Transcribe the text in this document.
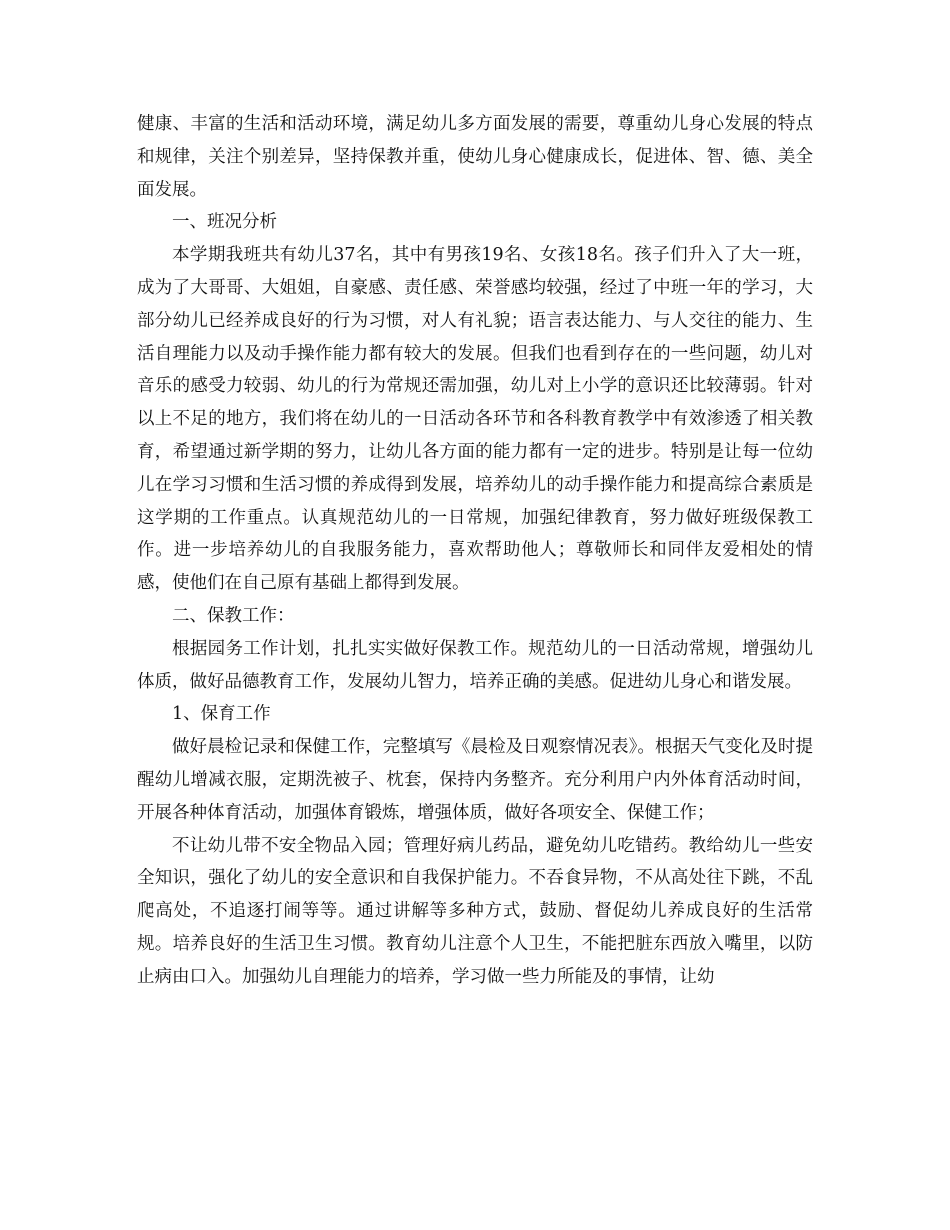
健康、丰富的生活和活动环境，满足幼儿多方面发展的需要，尊重幼儿身心发展的特点和规律，关注个别差异，坚持保教并重，使幼儿身心健康成长，促进体、智、德、美全面发展。

一、班况分析

本学期我班共有幼儿37名，其中有男孩19名、女孩18名。孩子们升入了大一班，成为了大哥哥、大姐姐，自豪感、责任感、荣誉感均较强，经过了中班一年的学习，大部分幼儿已经养成良好的行为习惯，对人有礼貌；语言表达能力、与人交往的能力、生活自理能力以及动手操作能力都有较大的发展。但我们也看到存在的一些问题，幼儿对音乐的感受力较弱、幼儿的行为常规还需加强，幼儿对上小学的意识还比较薄弱。针对以上不足的地方，我们将在幼儿的一日活动各环节和各科教育教学中有效渗透了相关教育，希望通过新学期的努力，让幼儿各方面的能力都有一定的进步。特别是让每一位幼儿在学习习惯和生活习惯的养成得到发展，培养幼儿的动手操作能力和提高综合素质是这学期的工作重点。认真规范幼儿的一日常规，加强纪律教育，努力做好班级保教工作。进一步培养幼儿的自我服务能力，喜欢帮助他人；尊敬师长和同伴友爱相处的情感，使他们在自己原有基础上都得到发展。

二、保教工作：

根据园务工作计划，扎扎实实做好保教工作。规范幼儿的一日活动常规，增强幼儿体质，做好品德教育工作，发展幼儿智力，培养正确的美感。促进幼儿身心和谐发展。

1、保育工作

做好晨检记录和保健工作，完整填写《晨检及日观察情况表》。根据天气变化及时提醒幼儿增减衣服，定期洗被子、枕套，保持内务整齐。充分利用户内外体育活动时间，开展各种体育活动，加强体育锻炼，增强体质，做好各项安全、保健工作；

不让幼儿带不安全物品入园；管理好病儿药品，避免幼儿吃错药。教给幼儿一些安全知识，强化了幼儿的安全意识和自我保护能力。不吞食异物，不从高处往下跳，不乱爬高处，不追逐打闹等等。通过讲解等多种方式，鼓励、督促幼儿养成良好的生活常规。培养良好的生活卫生习惯。教育幼儿注意个人卫生，不能把脏东西放入嘴里，以防止病由口入。加强幼儿自理能力的培养，学习做一些力所能及的事情，让幼
